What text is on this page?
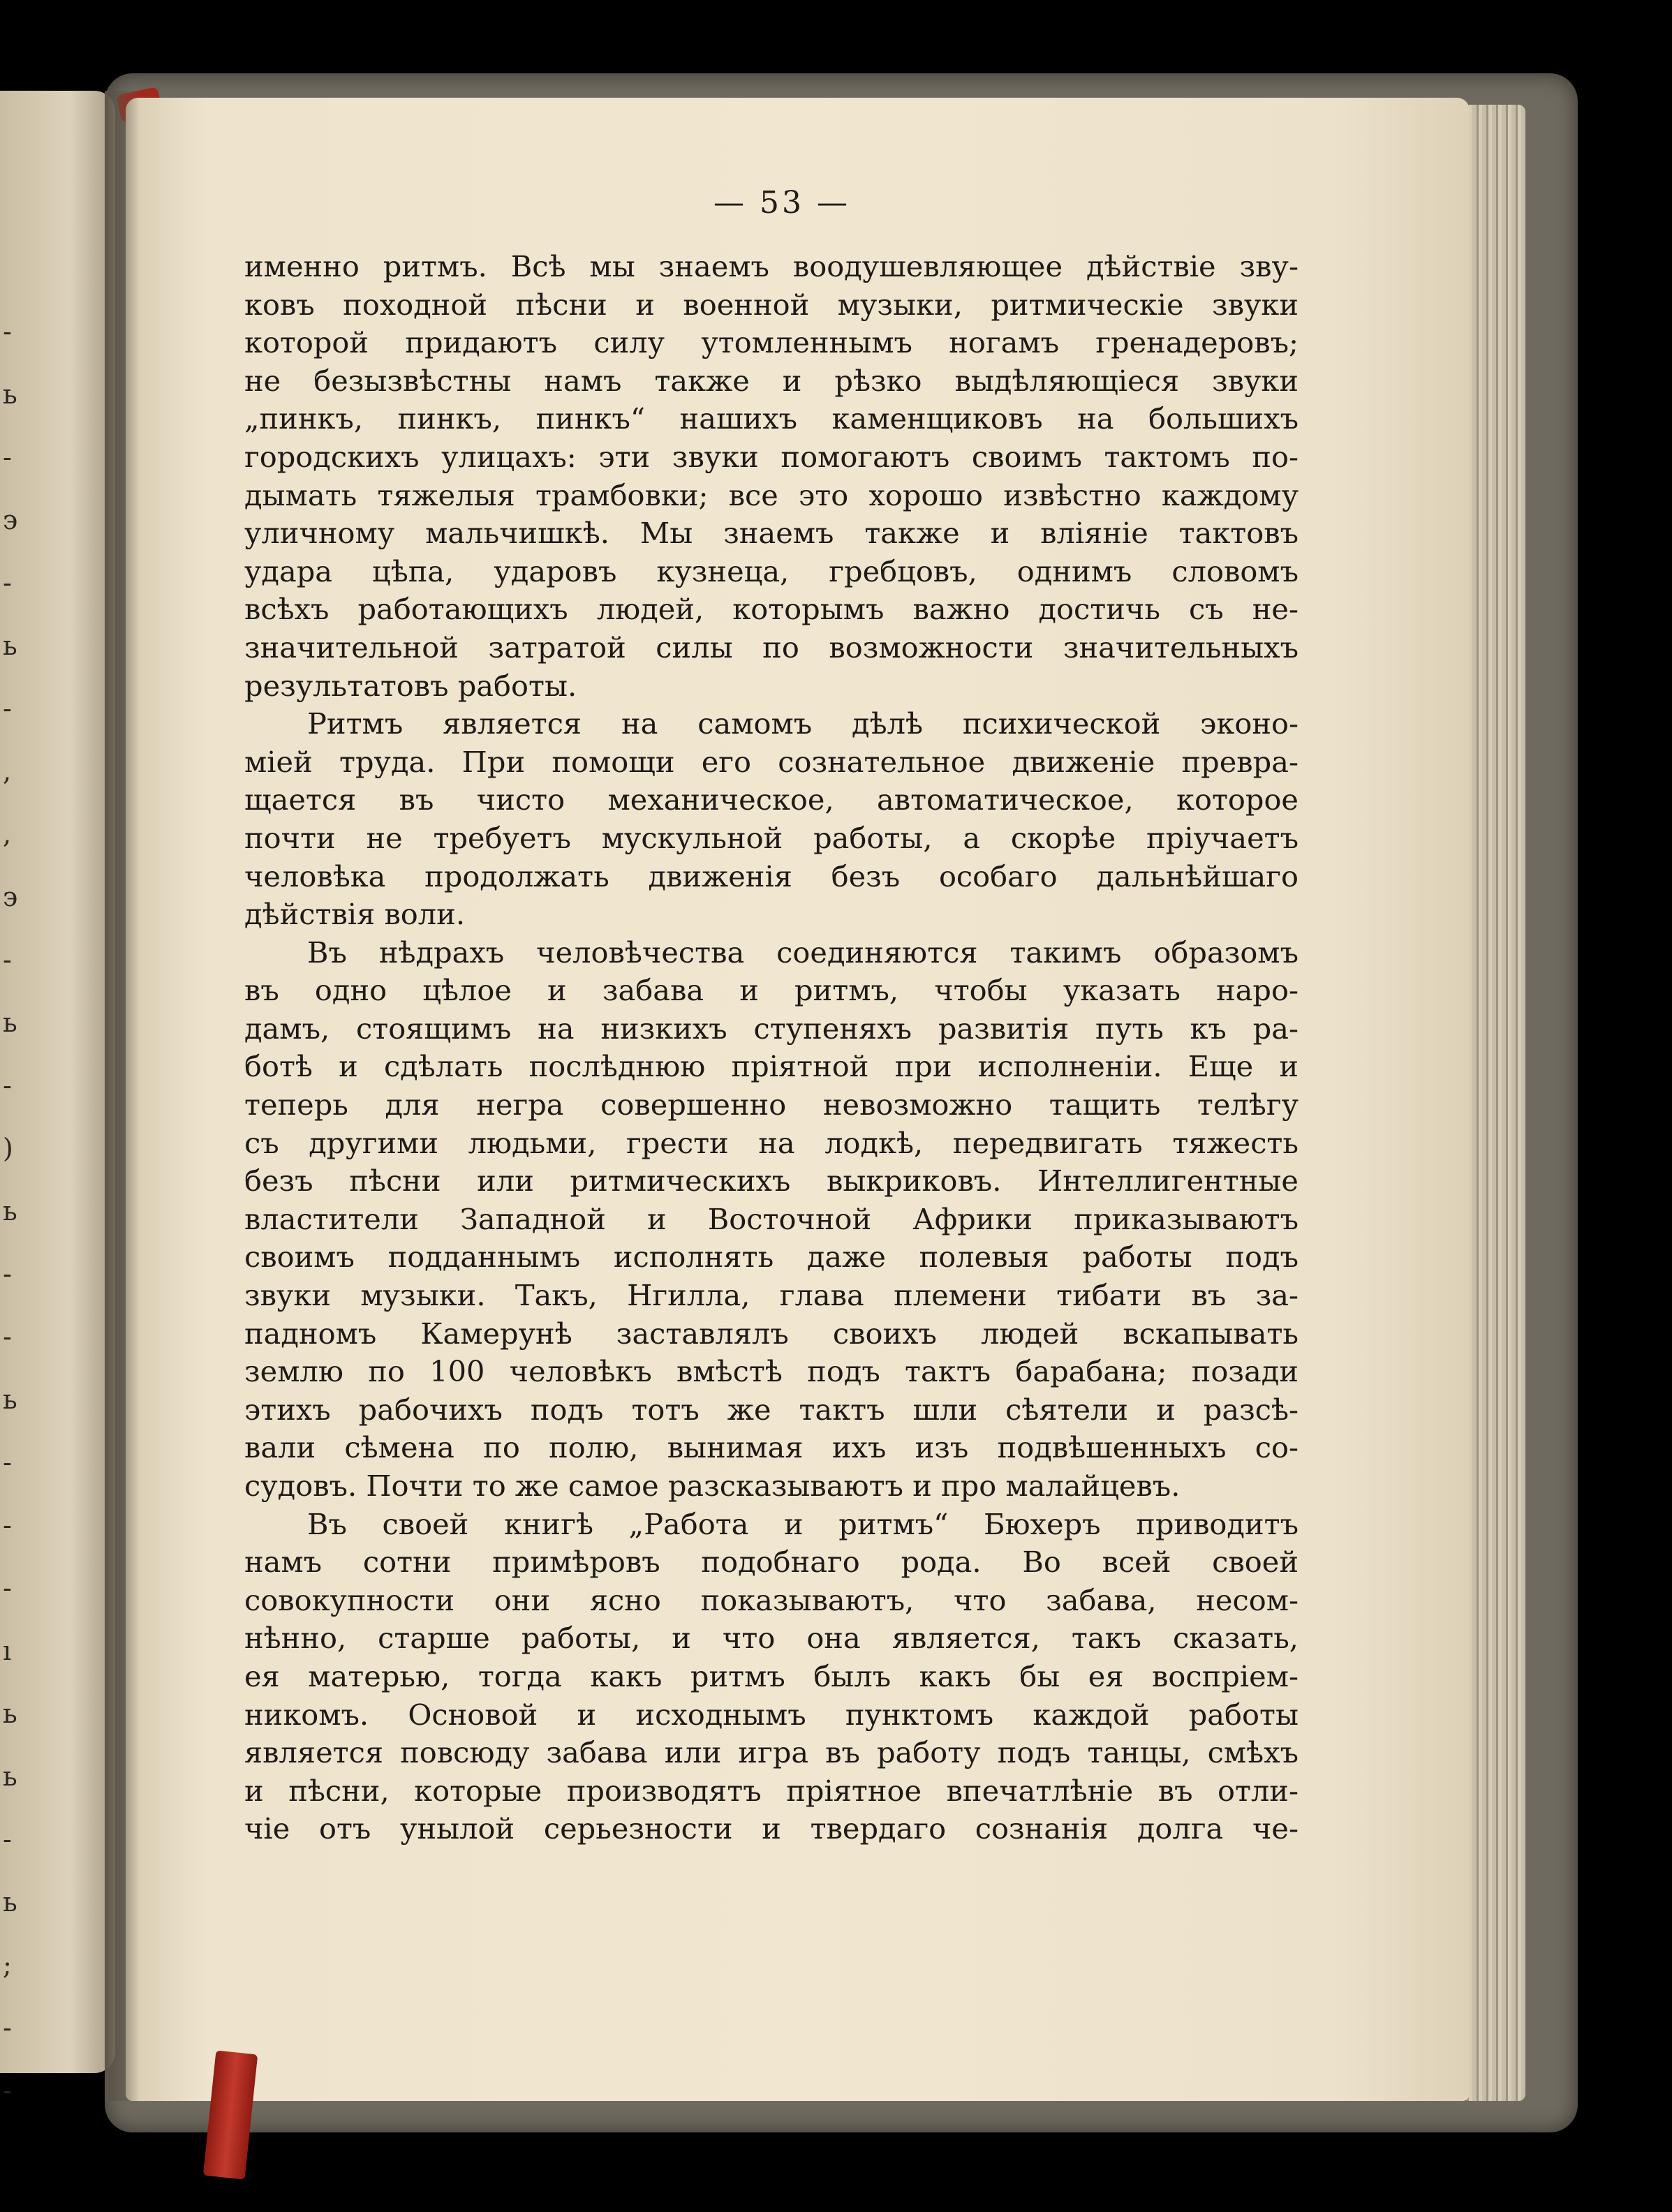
-
ь
-
э
-
ь
-
,
,
э
-
ь
-
)
ь
-
-
ь
-
-
-
ı
ь
ь
-
ь
;
-
-
— 53 —
именно ритмъ. Всѣ мы знаемъ воодушевляющее дѣйствіе зву-
ковъ походной пѣсни и военной музыки, ритмическіе звуки
которой придаютъ силу утомленнымъ ногамъ гренадеровъ;
не безызвѣстны намъ также и рѣзко выдѣляющіеся звуки
„пинкъ, пинкъ, пинкъ“ нашихъ каменщиковъ на большихъ
городскихъ улицахъ: эти звуки помогаютъ своимъ тактомъ по-
дымать тяжелыя трамбовки; все это хорошо извѣстно каждому
уличному мальчишкѣ. Мы знаемъ также и вліяніе тактовъ
удара цѣпа, ударовъ кузнеца, гребцовъ, однимъ словомъ
всѣхъ работающихъ людей, которымъ важно достичь съ не-
значительной затратой силы по возможности значительныхъ
результатовъ работы.
Ритмъ является на самомъ дѣлѣ психической эконо-
міей труда. При помощи его сознательное движеніе превра-
щается въ чисто механическое, автоматическое, которое
почти не требуетъ мускульной работы, а скорѣе пріучаетъ
человѣка продолжать движенія безъ особаго дальнѣйшаго
дѣйствія воли.
Въ нѣдрахъ человѣчества соединяются такимъ образомъ
въ одно цѣлое и забава и ритмъ, чтобы указать наро-
дамъ, стоящимъ на низкихъ ступеняхъ развитія путь къ ра-
ботѣ и сдѣлать послѣднюю пріятной при исполненіи. Еще и
теперь для негра совершенно невозможно тащить телѣгу
съ другими людьми, грести на лодкѣ, передвигать тяжесть
безъ пѣсни или ритмическихъ выкриковъ. Интеллигентные
властители Западной и Восточной Африки приказываютъ
своимъ подданнымъ исполнять даже полевыя работы подъ
звуки музыки. Такъ, Нгилла, глава племени тибати въ за-
падномъ Камерунѣ заставлялъ своихъ людей вскапывать
землю по 100 человѣкъ вмѣстѣ подъ тактъ барабана; позади
этихъ рабочихъ подъ тотъ же тактъ шли сѣятели и разсѣ-
вали сѣмена по полю, вынимая ихъ изъ подвѣшенныхъ со-
судовъ. Почти то же самое разсказываютъ и про малайцевъ.
Въ своей книгѣ „Работа и ритмъ“ Бюхеръ приводитъ
намъ сотни примѣровъ подобнаго рода. Во всей своей
совокупности они ясно показываютъ, что забава, несом-
нѣнно, старше работы, и что она является, такъ сказать,
ея матерью, тогда какъ ритмъ былъ какъ бы ея воспріем-
никомъ. Основой и исходнымъ пунктомъ каждой работы
является повсюду забава или игра въ работу подъ танцы, смѣхъ
и пѣсни, которые производятъ пріятное впечатлѣніе въ отли-
чіе отъ унылой серьезности и твердаго сознанія долга че-
